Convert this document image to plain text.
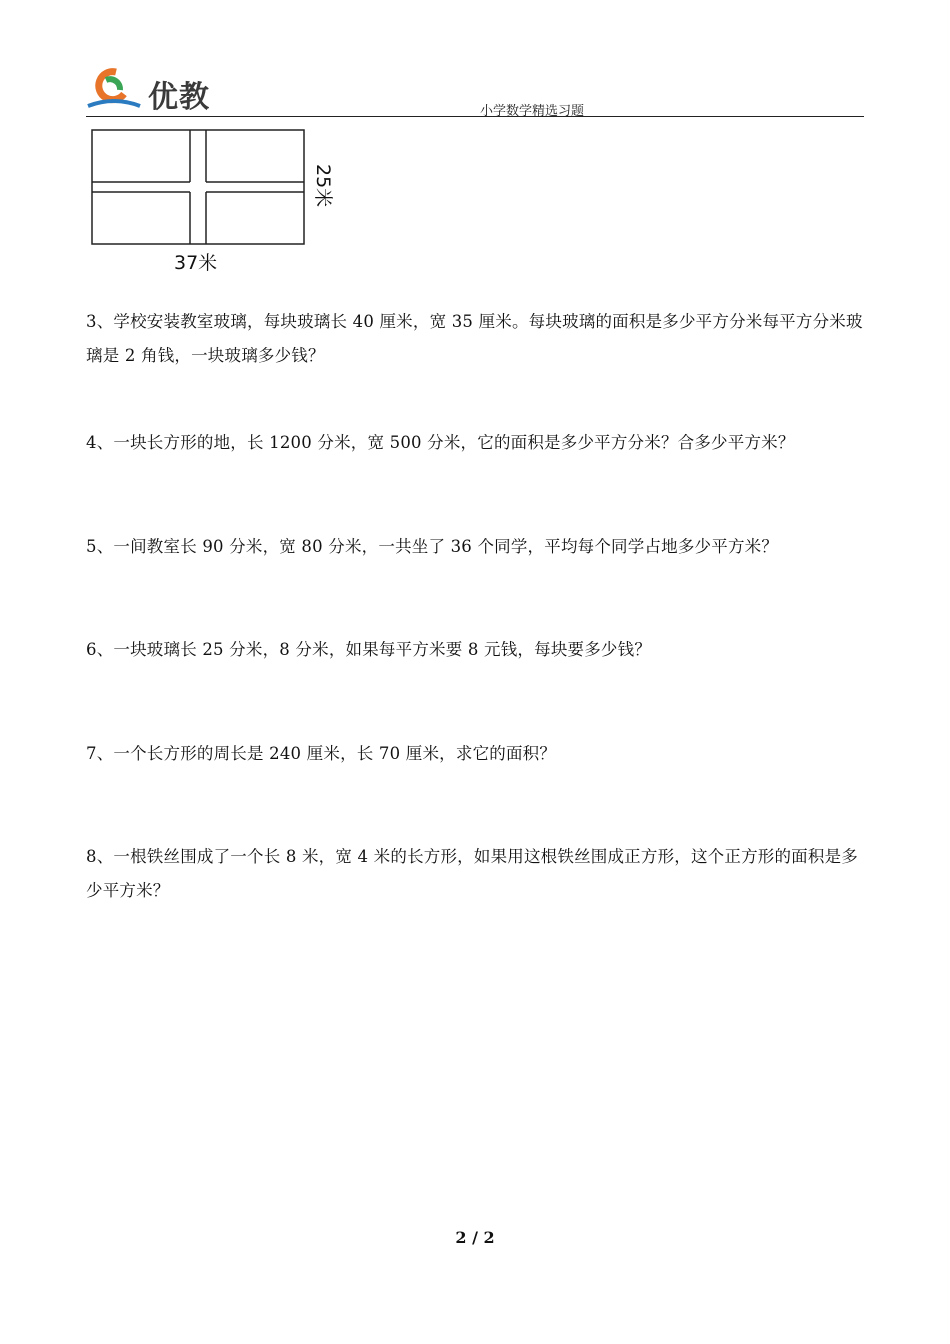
优教	小学数学精选习题
37米
25米
3、学校安装教室玻璃，每块玻璃长 40 厘米，宽 35 厘米。每块玻璃的面积是多少平方分米每平方分米玻璃是 2 角钱，一块玻璃多少钱？
4、一块长方形的地，长 1200 分米，宽 500 分米，它的面积是多少平方分米？合多少平方米？
5、一间教室长 90 分米，宽 80 分米，一共坐了 36 个同学，平均每个同学占地多少平方米？
6、一块玻璃长 25 分米，8 分米，如果每平方米要 8 元钱，每块要多少钱？
7、一个长方形的周长是 240 厘米，长 70 厘米，求它的面积？
8、一根铁丝围成了一个长 8 米，宽 4 米的长方形，如果用这根铁丝围成正方形，这个正方形的面积是多少平方米？
2 / 2
